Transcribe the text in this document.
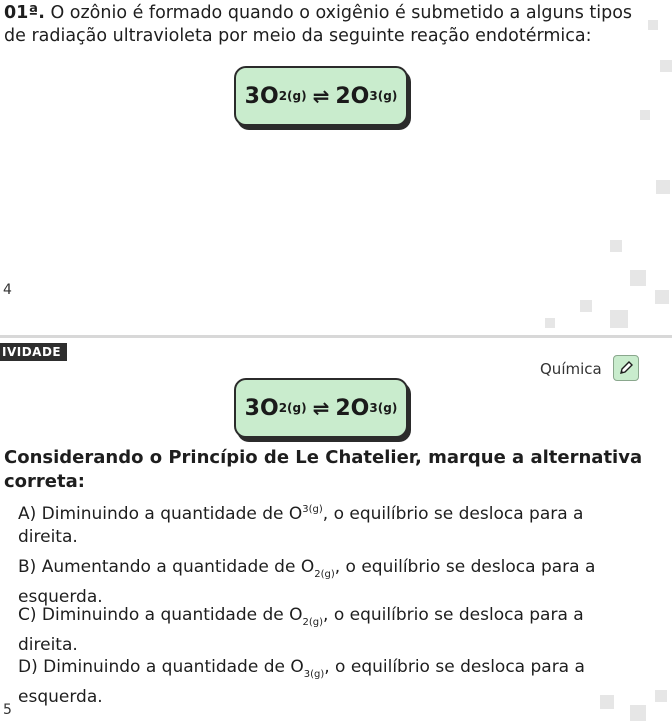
01ª. O ozônio é formado quando o oxigênio é submetido a alguns tipos de radiação ultravioleta por meio da seguinte reação endotérmica:
3O 2(g) ⇌ 2O 3(g)
4
IVIDADE
Química
3O 2(g) ⇌ 2O 3(g)
Considerando o Princípio de Le Chatelier, marque a alternativa correta:
A) Diminuindo a quantidade de $O^{3(g)}$, o equilíbrio se desloca para a direita.
B) Aumentando a quantidade de $O_{2(g)}$, o equilíbrio se desloca para a esquerda.
C) Diminuindo a quantidade de $O_{2(g)}$, o equilíbrio se desloca para a direita.
D) Diminuindo a quantidade de $O_{3(g)}$, o equilíbrio se desloca para a esquerda.
5
